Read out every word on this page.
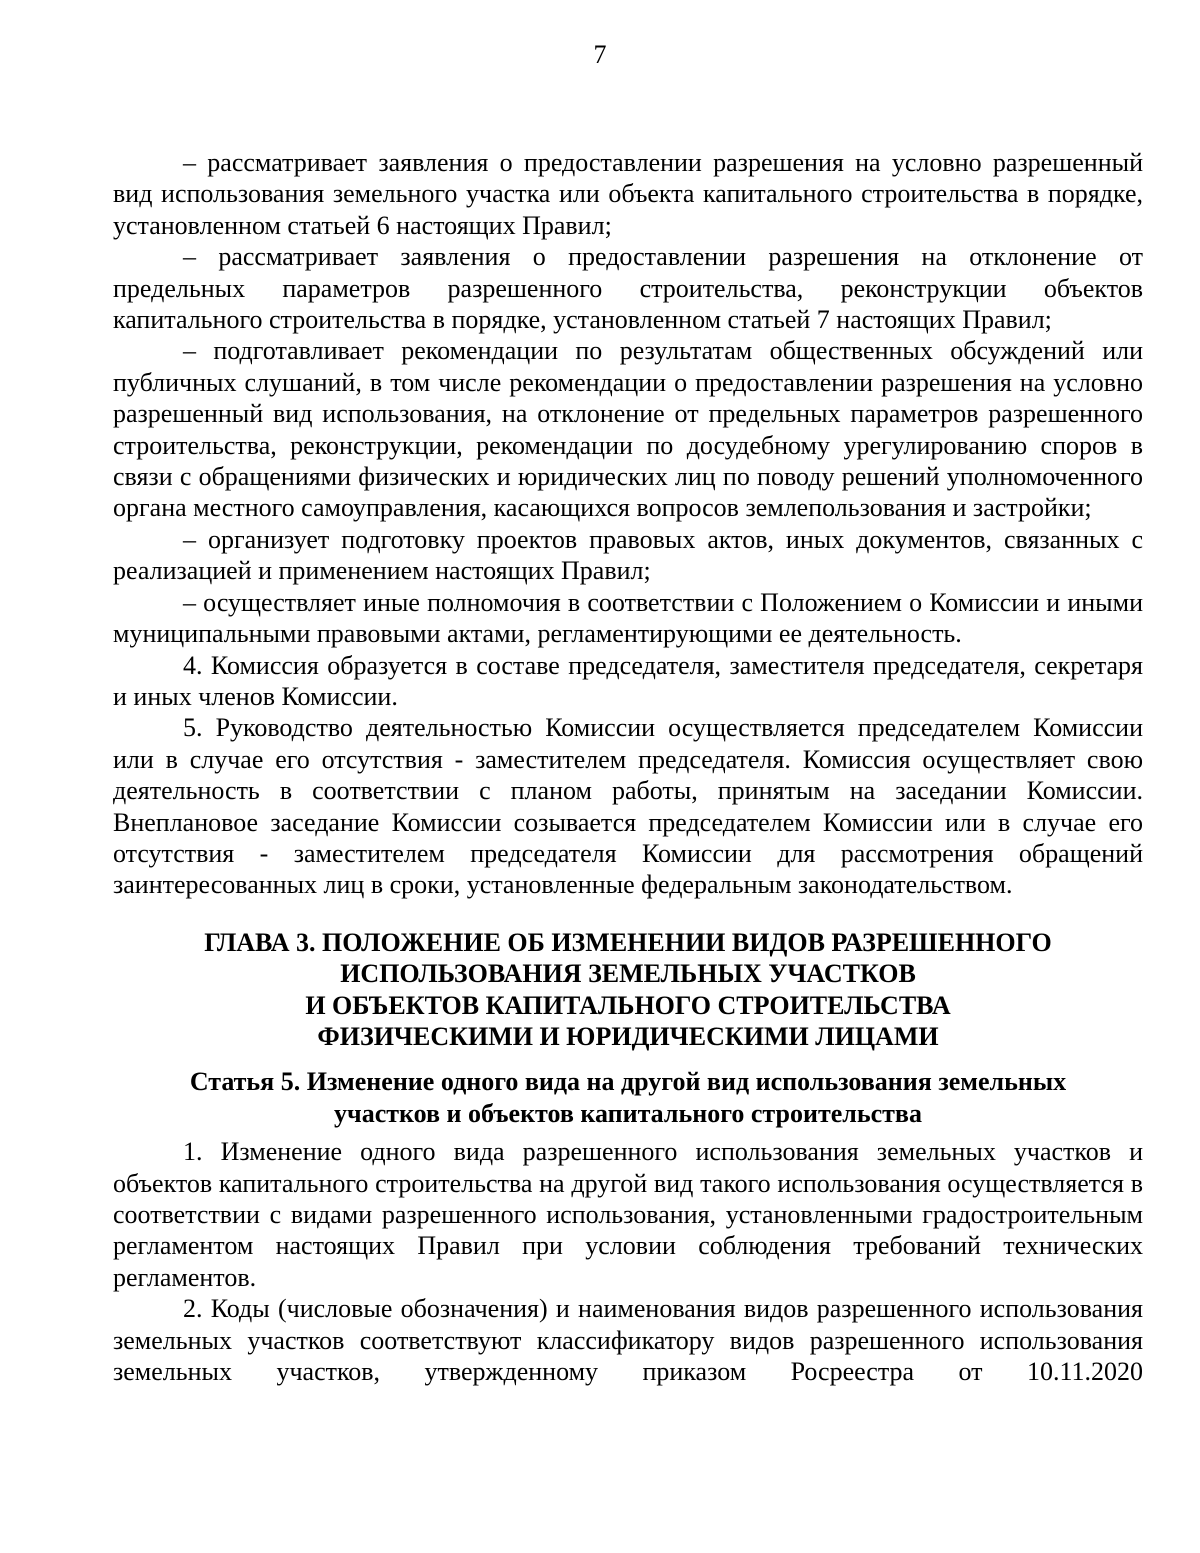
7

– рассматривает заявления о предоставлении разрешения на условно разрешенный вид использования земельного участка или объекта капитального строительства в порядке, установленном статьей 6 настоящих Правил;

– рассматривает заявления о предоставлении разрешения на отклонение от предельных параметров разрешенного строительства, реконструкции объектов капитального строительства в порядке, установленном статьей 7 настоящих Правил;

– подготавливает рекомендации по результатам общественных обсуждений или публичных слушаний, в том числе рекомендации о предоставлении разрешения на условно разрешенный вид использования, на отклонение от предельных параметров разрешенного строительства, реконструкции, рекомендации по досудебному урегулированию споров в связи с обращениями физических и юридических лиц по поводу решений уполномоченного органа местного самоуправления, касающихся вопросов землепользования и застройки;

– организует подготовку проектов правовых актов, иных документов, связанных с реализацией и применением настоящих Правил;

– осуществляет иные полномочия в соответствии с Положением о Комиссии и иными муниципальными правовыми актами, регламентирующими ее деятельность.

4. Комиссия образуется в составе председателя, заместителя председателя, секретаря и иных членов Комиссии.

5. Руководство деятельностью Комиссии осуществляется председателем Комиссии или в случае его отсутствия - заместителем председателя. Комиссия осуществляет свою деятельность в соответствии с планом работы, принятым на заседании Комиссии. Внеплановое заседание Комиссии созывается председателем Комиссии или в случае его отсутствия - заместителем председателя Комиссии для рассмотрения обращений заинтересованных лиц в сроки, установленные федеральным законодательством.

ГЛАВА 3. ПОЛОЖЕНИЕ ОБ ИЗМЕНЕНИИ ВИДОВ РАЗРЕШЕННОГО
ИСПОЛЬЗОВАНИЯ ЗЕМЕЛЬНЫХ УЧАСТКОВ
И ОБЪЕКТОВ КАПИТАЛЬНОГО СТРОИТЕЛЬСТВА
ФИЗИЧЕСКИМИ И ЮРИДИЧЕСКИМИ ЛИЦАМИ
Статья 5. Изменение одного вида на другой вид использования земельных
участков и объектов капитального строительства

1. Изменение одного вида разрешенного использования земельных участков и объектов капитального строительства на другой вид такого использования осуществляется в соответствии с видами разрешенного использования, установленными градостроительным регламентом настоящих Правил при условии соблюдения требований технических регламентов.

2. Коды (числовые обозначения) и наименования видов разрешенного использования земельных участков соответствуют классификатору видов разрешенного использования земельных участков, утвержденному приказом Росреестра от 10.11.2020
